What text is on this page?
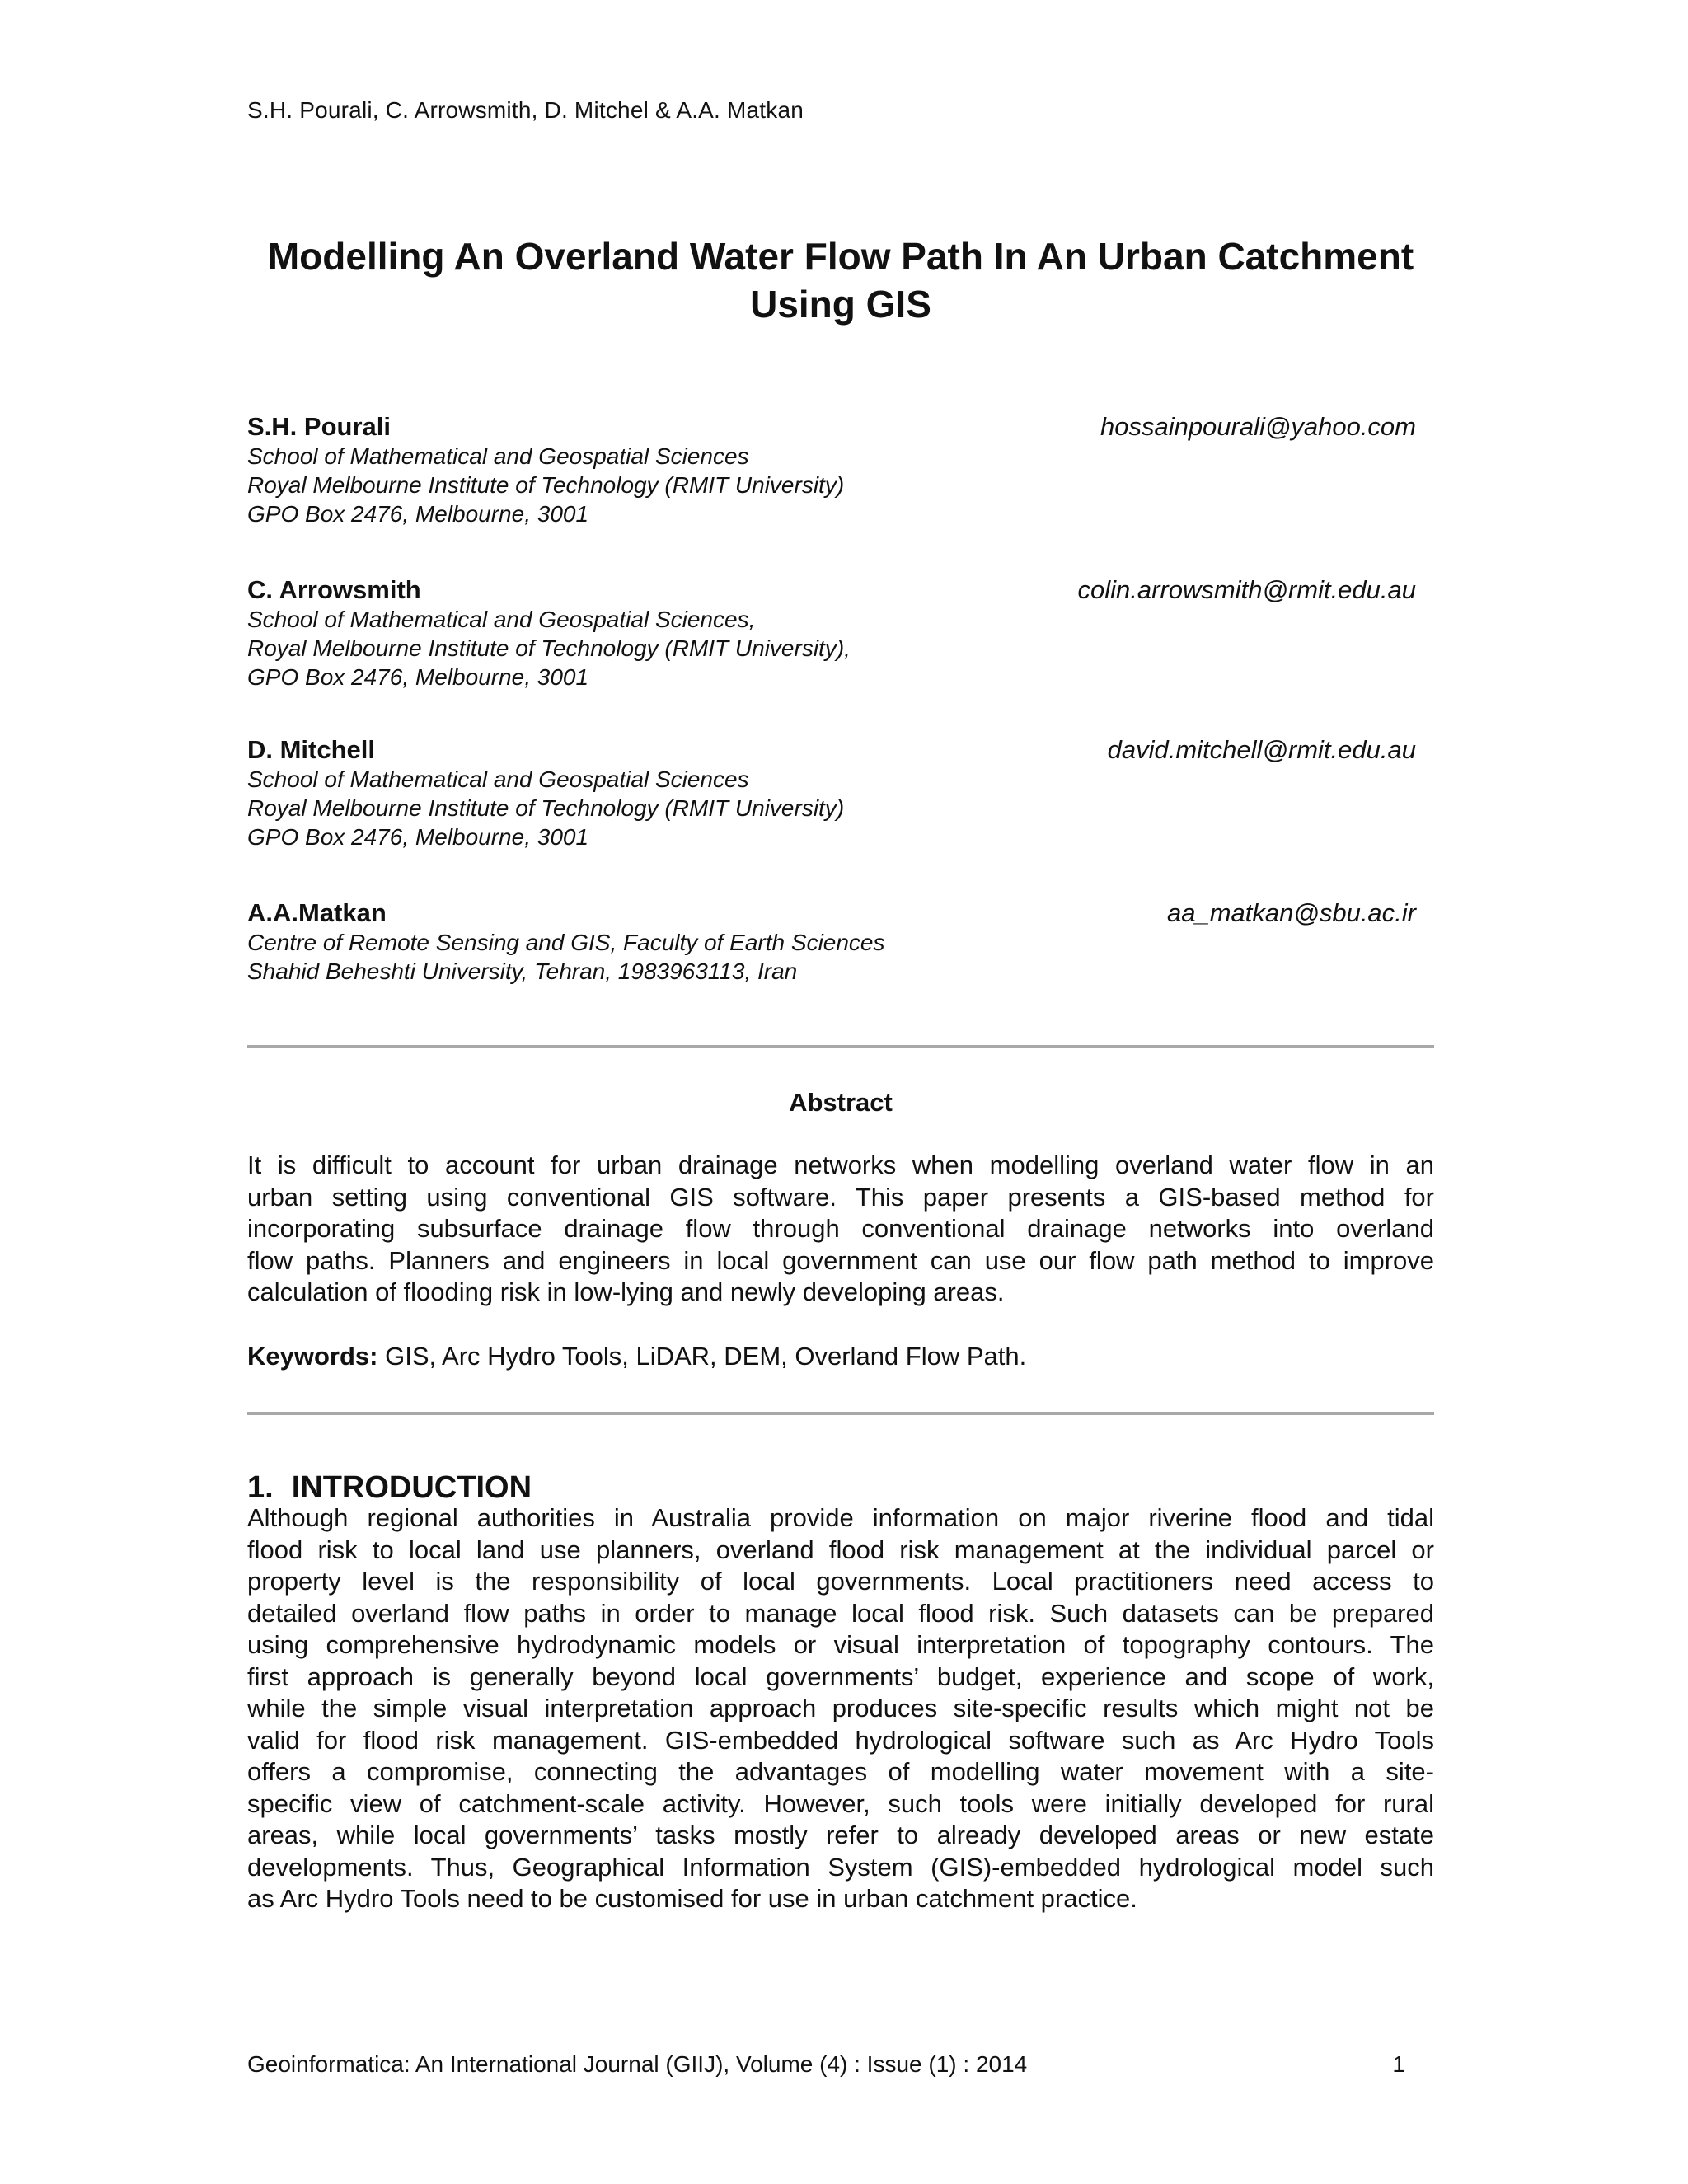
S.H. Pourali, C. Arrowsmith, D. Mitchel & A.A. Matkan
Modelling An Overland Water Flow Path In An Urban Catchment
Using GIS
S.H. Pourali	hossainpourali@yahoo.com
School of Mathematical and Geospatial Sciences
Royal Melbourne Institute of Technology (RMIT University)
GPO Box 2476, Melbourne, 3001
C. Arrowsmith	colin.arrowsmith@rmit.edu.au
School of Mathematical and Geospatial Sciences,
Royal Melbourne Institute of Technology (RMIT University),
GPO Box 2476, Melbourne, 3001
D. Mitchell	david.mitchell@rmit.edu.au
School of Mathematical and Geospatial Sciences
Royal Melbourne Institute of Technology (RMIT University)
GPO Box 2476, Melbourne, 3001
A.A.Matkan	aa_matkan@sbu.ac.ir
Centre of Remote Sensing and GIS, Faculty of Earth Sciences
Shahid Beheshti University, Tehran, 1983963113, Iran
Abstract
It is difficult to account for urban drainage networks when modelling overland water flow in an
urban setting using conventional GIS software. This paper presents a GIS-based method for
incorporating subsurface drainage flow through conventional drainage networks into overland
flow paths. Planners and engineers in local government can use our flow path method to improve
calculation of flooding risk in low-lying and newly developing areas.
Keywords: GIS, Arc Hydro Tools, LiDAR, DEM, Overland Flow Path.
1. INTRODUCTION
Although regional authorities in Australia provide information on major riverine flood and tidal
flood risk to local land use planners, overland flood risk management at the individual parcel or
property level is the responsibility of local governments. Local practitioners need access to
detailed overland flow paths in order to manage local flood risk. Such datasets can be prepared
using comprehensive hydrodynamic models or visual interpretation of topography contours. The
first approach is generally beyond local governments’ budget, experience and scope of work,
while the simple visual interpretation approach produces site-specific results which might not be
valid for flood risk management. GIS-embedded hydrological software such as Arc Hydro Tools
offers a compromise, connecting the advantages of modelling water movement with a site-
specific view of catchment-scale activity. However, such tools were initially developed for rural
areas, while local governments’ tasks mostly refer to already developed areas or new estate
developments. Thus, Geographical Information System (GIS)-embedded hydrological model such
as Arc Hydro Tools need to be customised for use in urban catchment practice.
Geoinformatica: An International Journal (GIIJ), Volume (4) : Issue (1) : 2014	1
